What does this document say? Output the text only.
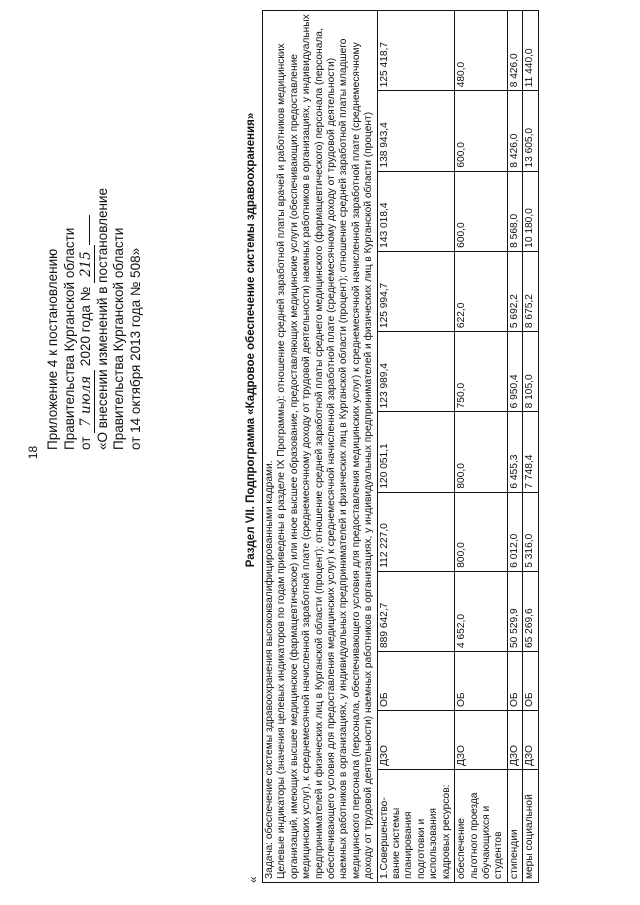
18
Приложение 4 к постановлению Правительства Курганской области от 7 июля 2020 года № 215 «О внесении изменений в постановление Правительства Курганской области от 14 октября 2013 года № 508»
«
Раздел VII. Подпрограмма «Кадровое обеспечение системы здравоохранения»
Задача: обеспечение системы здравоохранения высококвалифицированными кадрами. Целевые индикаторы (значения целевых индикаторов по годам приведены в разделе IX Программы): отношение средней заработной платы врачей и работников медицинских организаций, имеющих высшее медицинское (фармацевтическое) или иное высшее образование, предоставляющих медицинские услуги (обеспечивающих предоставление медицинских услуг), к среднемесячной начисленной заработной плате (среднемесячному доходу от трудовой деятельности) наемных работников в организациях, у индивидуальных предпринимателей и физических лиц в Курганской области (процент); отношение средней заработной платы среднего медицинского (фармацевтического) персонала (персонала, обеспечивающего условия для предоставления медицинских услуг) к среднемесячной начисленной заработной плате (среднемесячному доходу от трудовой деятельности) наемных работников в организациях, у индивидуальных предпринимателей и физических лиц в Курганской области (процент); отношение средней заработной платы младшего медицинского персонала (персонала, обеспечивающего условия для предоставления медицинских услуг) к среднемесячной начисленной заработной плате (среднемесячному доходу от трудовой деятельности) наемных работников в организациях, у индивидуальных предпринимателей и физических лиц в Курганской области (процент)										

1.Совершенство-вание системы планирования подготовки и использования кадровых ресурсов:	ДЗО	ОБ	889 642,7	112 227,0	120 051,1	123 989,4	125 994,7	143 018,4	138 943,4	125 418,7
обеспечение льготного проезда обучающихся и студентов	ДЗО	ОБ	4 652,0	800,0	800,0	750,0	622,0	600,0	600,0	480,0
стипендии	ДЗО	ОБ	50 529,9	6 012,0	6 455,3	6 950,4	5 692,2	8 568,0	8 426,0	8 426,0
меры социальной	ДЗО	ОБ	65 269,6	5 316,0	7 748,4	8 105,0	8 675,2	10 180,0	13 605,0	11 440,0
